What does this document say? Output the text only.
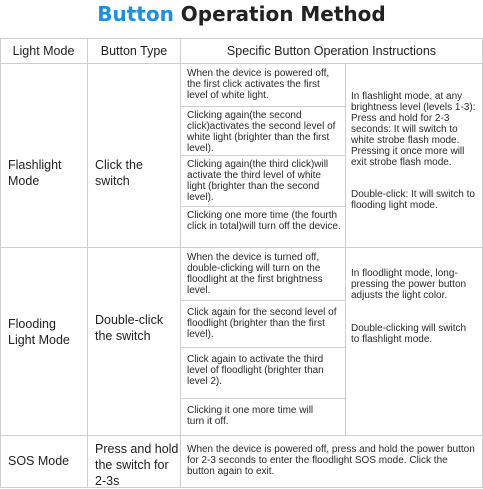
Button Operation Method
Light Mode	Button Type	Specific Button Operation Instructions
Flashlight Mode
Click the switch
When the device is powered off, the first click activates the first level of white light.
Clicking again(the second click)activates the second level of white light (brighter than the first level).
Clicking again(the third click)will activate the third level of white light (brighter than the second level).
Clicking one more time (the fourth click in total)will turn off the device.
In flashlight mode, at any brightness level (levels 1-3): Press and hold for 2-3 seconds: It will switch to white strobe flash mode. Pressing it once more will exit strobe flash mode.
Double-click: It will switch to flooding light mode.
Flooding Light Mode
Double-click the switch
When the device is turned off, double-clicking will turn on the floodlight at the first brightness level.
Click again for the second level of floodlight (brighter than the first level).
Click again to activate the third level of floodlight (brighter than level 2).
Clicking it one more time will turn it off.
In floodlight mode, long-pressing the power button adjusts the light color.
Double-clicking will switch to flashlight mode.
SOS Mode
Press and hold the switch for 2-3s
When the device is powered off, press and hold the power button for 2-3 seconds to enter the floodlight SOS mode. Click the button again to exit.
